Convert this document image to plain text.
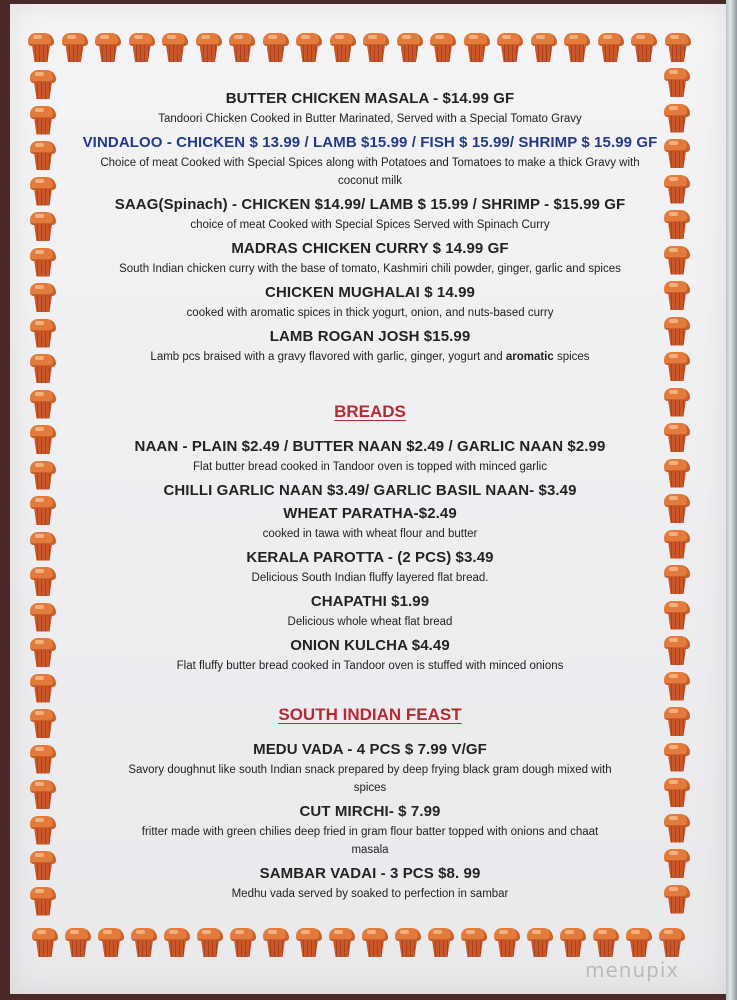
BUTTER CHICKEN MASALA - $14.99 GF

Tandoori Chicken Cooked in Butter Marinated, Served with a Special Tomato Gravy

VINDALOO - CHICKEN $ 13.99 / LAMB $15.99 / FISH $ 15.99/ SHRIMP $ 15.99 GF

Choice of meat Cooked with Special Spices along with Potatoes and Tomatoes to make a thick Gravy with coconut milk

SAAG(Spinach) - CHICKEN $14.99/ LAMB $ 15.99 / SHRIMP - $15.99 GF

choice of meat Cooked with Special Spices Served with Spinach Curry

MADRAS CHICKEN CURRY $ 14.99 GF

South Indian chicken curry with the base of tomato, Kashmiri chili powder, ginger, garlic and spices

CHICKEN MUGHALAI $ 14.99

cooked with aromatic spices in thick yogurt, onion, and nuts-based curry

LAMB ROGAN JOSH $15.99

Lamb pcs braised with a gravy flavored with garlic, ginger, yogurt and aromatic spices

BREADS

NAAN - PLAIN $2.49 / BUTTER NAAN $2.49 / GARLIC NAAN $2.99

Flat butter bread cooked in Tandoor oven is topped with minced garlic

CHILLI GARLIC NAAN $3.49/ GARLIC BASIL NAAN- $3.49

WHEAT PARATHA-$2.49

cooked in tawa with wheat flour and butter

KERALA PAROTTA - (2 PCS) $3.49

Delicious South Indian fluffy layered flat bread.

CHAPATHI $1.99

Delicious whole wheat flat bread

ONION KULCHA $4.49

Flat fluffy butter bread cooked in Tandoor oven is stuffed with minced onions

SOUTH INDIAN FEAST

MEDU VADA - 4 PCS $ 7.99 V/GF

Savory doughnut like south Indian snack prepared by deep frying black gram dough mixed with spices

CUT MIRCHI- $ 7.99

fritter made with green chilies deep fried in gram flour batter topped with onions and chaat masala

SAMBAR VADAI - 3 PCS $8. 99

Medhu vada served by soaked to perfection in sambar

menupix
